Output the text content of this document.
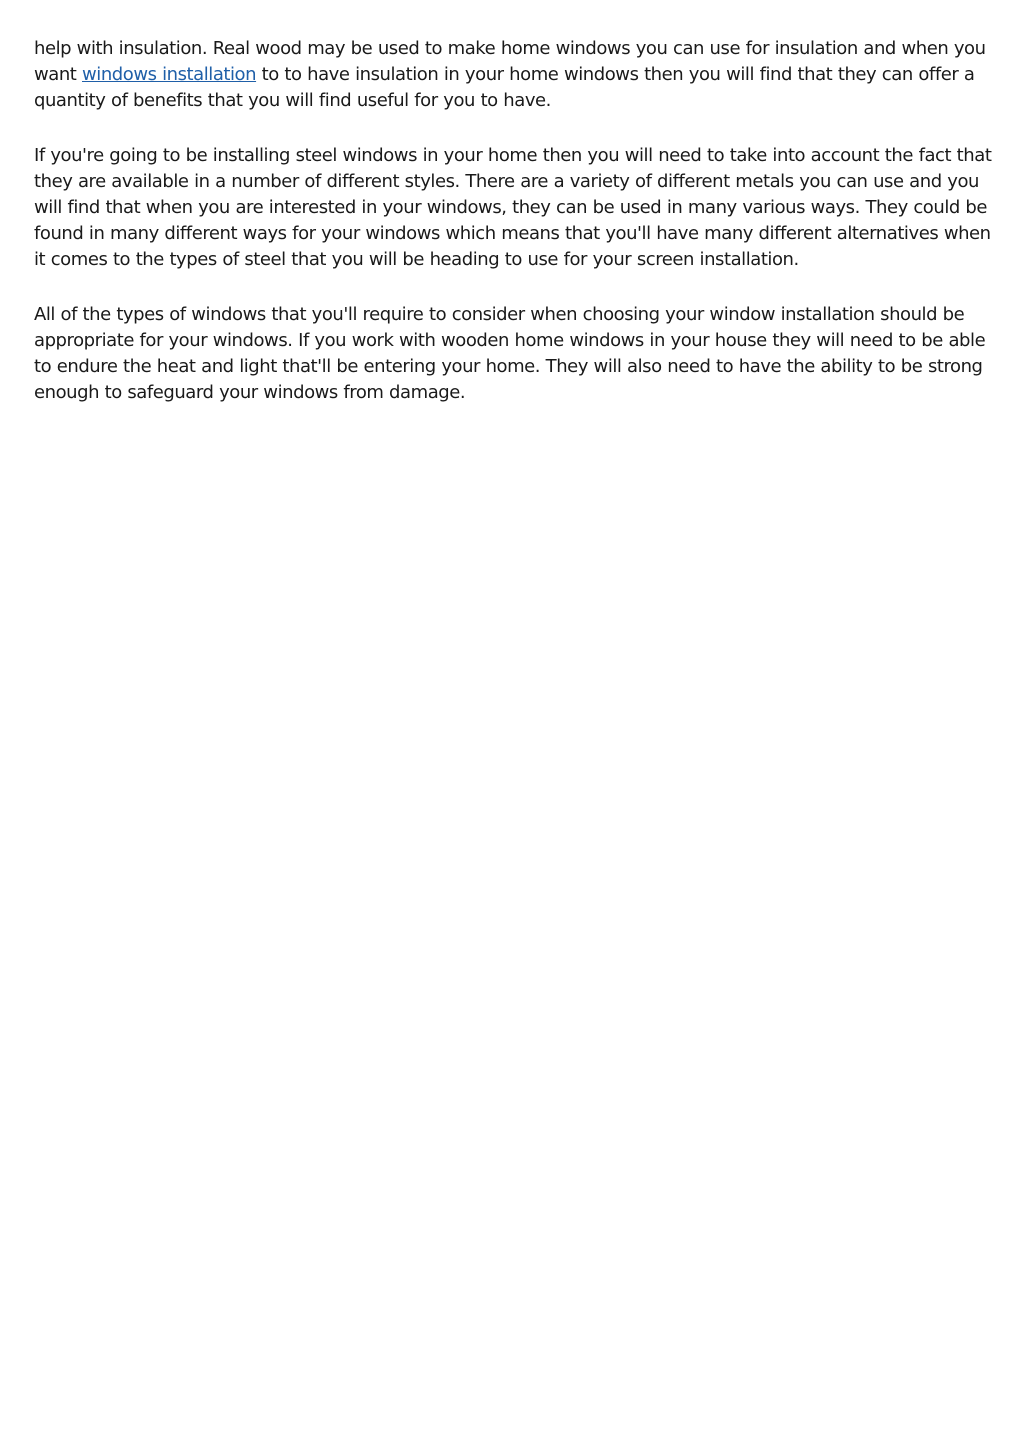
help with insulation. Real wood may be used to make home windows you can use for insulation and when you want windows installation to to have insulation in your home windows then you will find that they can offer a quantity of benefits that you will find useful for you to have.

If you're going to be installing steel windows in your home then you will need to take into account the fact that they are available in a number of different styles. There are a variety of different metals you can use and you will find that when you are interested in your windows, they can be used in many various ways. They could be found in many different ways for your windows which means that you'll have many different alternatives when it comes to the types of steel that you will be heading to use for your screen installation.

All of the types of windows that you'll require to consider when choosing your window installation should be appropriate for your windows. If you work with wooden home windows in your house they will need to be able to endure the heat and light that'll be entering your home. They will also need to have the ability to be strong enough to safeguard your windows from damage.
